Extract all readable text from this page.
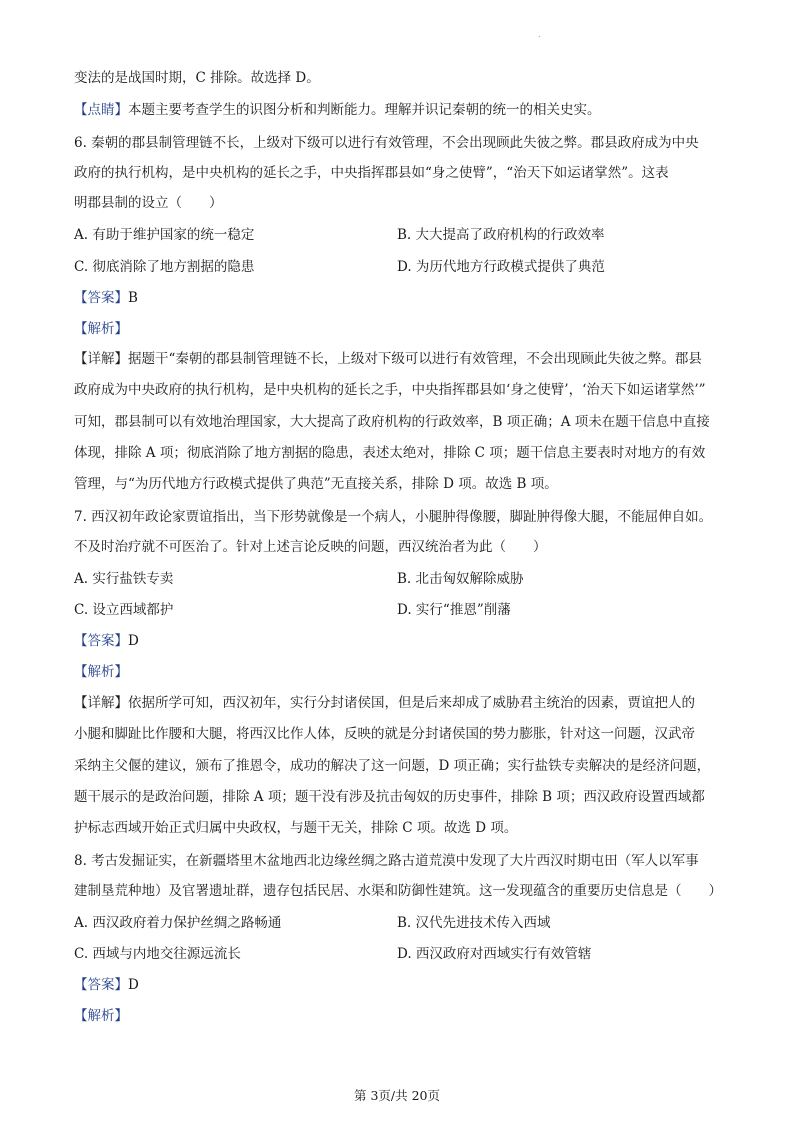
.
变法的是战国时期，C 排除。故选择 D。
【点睛】本题主要考查学生的识图分析和判断能力。理解并识记秦朝的统一的相关史实。
6. 秦朝的郡县制管理链不长，上级对下级可以进行有效管理，不会出现顾此失彼之弊。郡县政府成为中央
政府的执行机构，是中央机构的延长之手，中央指挥郡县如“身之使臂”，“治天下如运诸掌然”。这表
明郡县制的设立（　　）
A. 有助于维护国家的统一稳定	B. 大大提高了政府机构的行政效率
C. 彻底消除了地方割据的隐患	D. 为历代地方行政模式提供了典范
【答案】B
【解析】
【详解】据题干“秦朝的郡县制管理链不长，上级对下级可以进行有效管理，不会出现顾此失彼之弊。郡县
政府成为中央政府的执行机构，是中央机构的延长之手，中央指挥郡县如‘身之使臂’，‘治天下如运诸掌然’”
可知，郡县制可以有效地治理国家，大大提高了政府机构的行政效率，B 项正确；A 项未在题干信息中直接
体现，排除 A 项；彻底消除了地方割据的隐患，表述太绝对，排除 C 项；题干信息主要表时对地方的有效
管理，与“为历代地方行政模式提供了典范”无直接关系，排除 D 项。故选 B 项。
7. 西汉初年政论家贾谊指出，当下形势就像是一个病人，小腿肿得像腰，脚趾肿得像大腿，不能屈伸自如。
不及时治疗就不可医治了。针对上述言论反映的问题，西汉统治者为此（　　）
A. 实行盐铁专卖	B. 北击匈奴解除威胁
C. 设立西域都护	D. 实行“推恩”削藩
【答案】D
【解析】
【详解】依据所学可知，西汉初年，实行分封诸侯国，但是后来却成了威胁君主统治的因素，贾谊把人的
小腿和脚趾比作腰和大腿，将西汉比作人体，反映的就是分封诸侯国的势力膨胀，针对这一问题，汉武帝
采纳主父偃的建议，颁布了推恩令，成功的解决了这一问题，D 项正确；实行盐铁专卖解决的是经济问题，
题干展示的是政治问题，排除 A 项；题干没有涉及抗击匈奴的历史事件，排除 B 项；西汉政府设置西域都
护标志西域开始正式归属中央政权，与题干无关，排除 C 项。故选 D 项。
8. 考古发掘证实，在新疆塔里木盆地西北边缘丝绸之路古道荒漠中发现了大片西汉时期屯田（军人以军事
建制垦荒种地）及官署遗址群，遗存包括民居、水渠和防御性建筑。这一发现蕴含的重要历史信息是（　　）
A. 西汉政府着力保护丝绸之路畅通	B. 汉代先进技术传入西域
C. 西域与内地交往源远流长	D. 西汉政府对西域实行有效管辖
【答案】D
【解析】
第 3页/共 20页
